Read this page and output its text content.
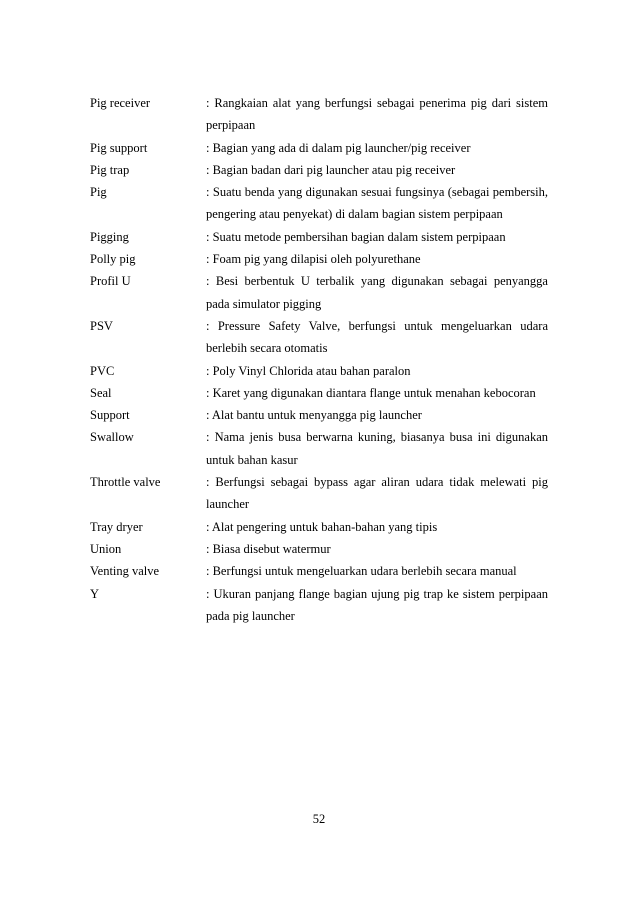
Pig receiver	: Rangkaian alat yang berfungsi sebagai penerima pig dari sistem perpipaan
Pig support	: Bagian yang ada di dalam pig launcher/pig receiver
Pig trap	: Bagian badan dari pig launcher atau pig receiver
Pig	: Suatu benda yang digunakan sesuai fungsinya (sebagai pembersih, pengering atau penyekat) di dalam bagian sistem perpipaan
Pigging	: Suatu metode pembersihan bagian dalam sistem perpipaan
Polly pig	: Foam pig yang dilapisi oleh polyurethane
Profil U	: Besi berbentuk U terbalik yang digunakan sebagai penyangga pada simulator pigging
PSV	: Pressure Safety Valve, berfungsi untuk mengeluarkan udara berlebih secara otomatis
PVC	: Poly Vinyl Chlorida atau bahan paralon
Seal	: Karet yang digunakan diantara flange untuk menahan kebocoran
Support	: Alat bantu untuk menyangga pig launcher
Swallow	: Nama jenis busa berwarna kuning, biasanya busa ini digunakan untuk bahan kasur
Throttle valve	: Berfungsi sebagai bypass agar aliran udara tidak melewati pig launcher
Tray dryer	: Alat pengering untuk bahan-bahan yang tipis
Union	: Biasa disebut watermur
Venting valve	: Berfungsi untuk mengeluarkan udara berlebih secara manual
Y	: Ukuran panjang flange bagian ujung pig trap ke sistem perpipaan pada pig launcher
52
